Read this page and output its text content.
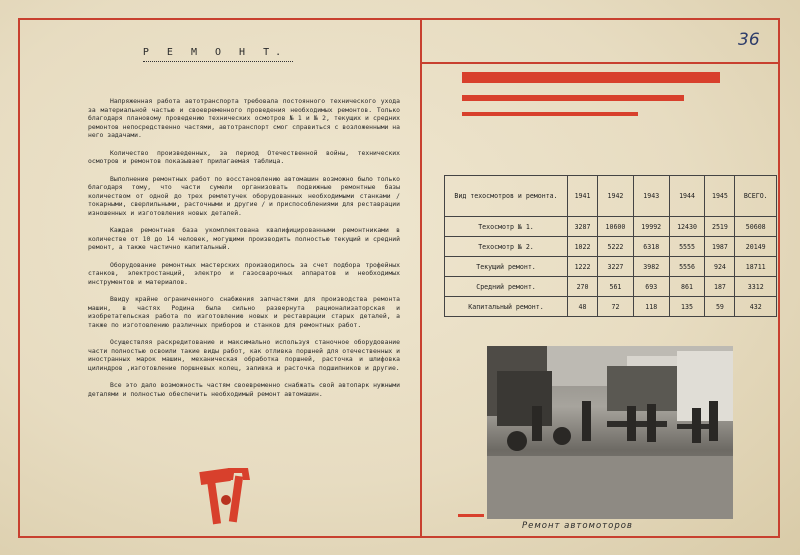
36
Р Е М О Н Т.

Напряженная работа автотранспорта требовала постоянного технического ухода за материальной частью и своевременного проведения необходимых ремонтов. Только благодаря плановому проведению технических осмотров № 1 и № 2, текущих и средних ремонтов непосредственно частями, автотранспорт смог справиться с возложенными на него задачами.

Количество произведенных, за период Отечественной войны, технических осмотров и ремонтов показывает прилагаемая таблица.

Выполнение ремонтных работ по восстановлению автомашин возможно было только благодаря тому, что части сумели организовать подвижные ремонтные базы количеством от одной до трех ремлетучек оборудованных необходимыми станками / токарными, сверлильными, расточными и другие / и приспособлениями для реставрации изношенных и изготовления новых деталей.

Каждая ремонтная база укомплектована квалифицированными ремонтниками в количестве от 10 до 14 человек, могущими производить полностью текущий и средний ремонт, а также частично капитальный.

Оборудование ремонтных мастерских производилось за счет подбора трофейных станков, электростанций, электро и газосварочных аппаратов и необходимых инструментов и материалов.

Ввиду крайне ограниченного снабжения запчастями для производства ремонта машин, в частях Родина была сильно развернута рационализаторская и изобретательская работа по изготовлению новых и реставрации старых деталей, а также по изготовлению различных приборов и станков для ремонтных работ.

Осуществляя раскредитование и максимально используя станочное оборудование части полностью освоили такие виды работ, как отливка поршней для отечественных и иностранных марок машин, механическая обработка поршней, расточка и шлифовка цилиндров ,изготовление поршневых колец, заливка и расточка подшипников и другие.

Все это дало возможность частям своевременно снабжать свой автопарк нужными деталями и полностью обеспечить необходимый ремонт автомашин.

Вид техосмотров и ремонта.	1941	1942	1943	1944	1945	ВСЕГО.
Техосмотр № 1.	3287	10600	19992	12430	2519	50608
Техосмотр № 2.	1022	5222	6318	5555	1987	20149
Текущий ремонт.	1222	3227	3982	5556	924	18711
Средний ремонт.	270	561	693	861	187	3312
Капитальный ремонт.	48	72	118	135	59	432
Ремонт автомоторов
